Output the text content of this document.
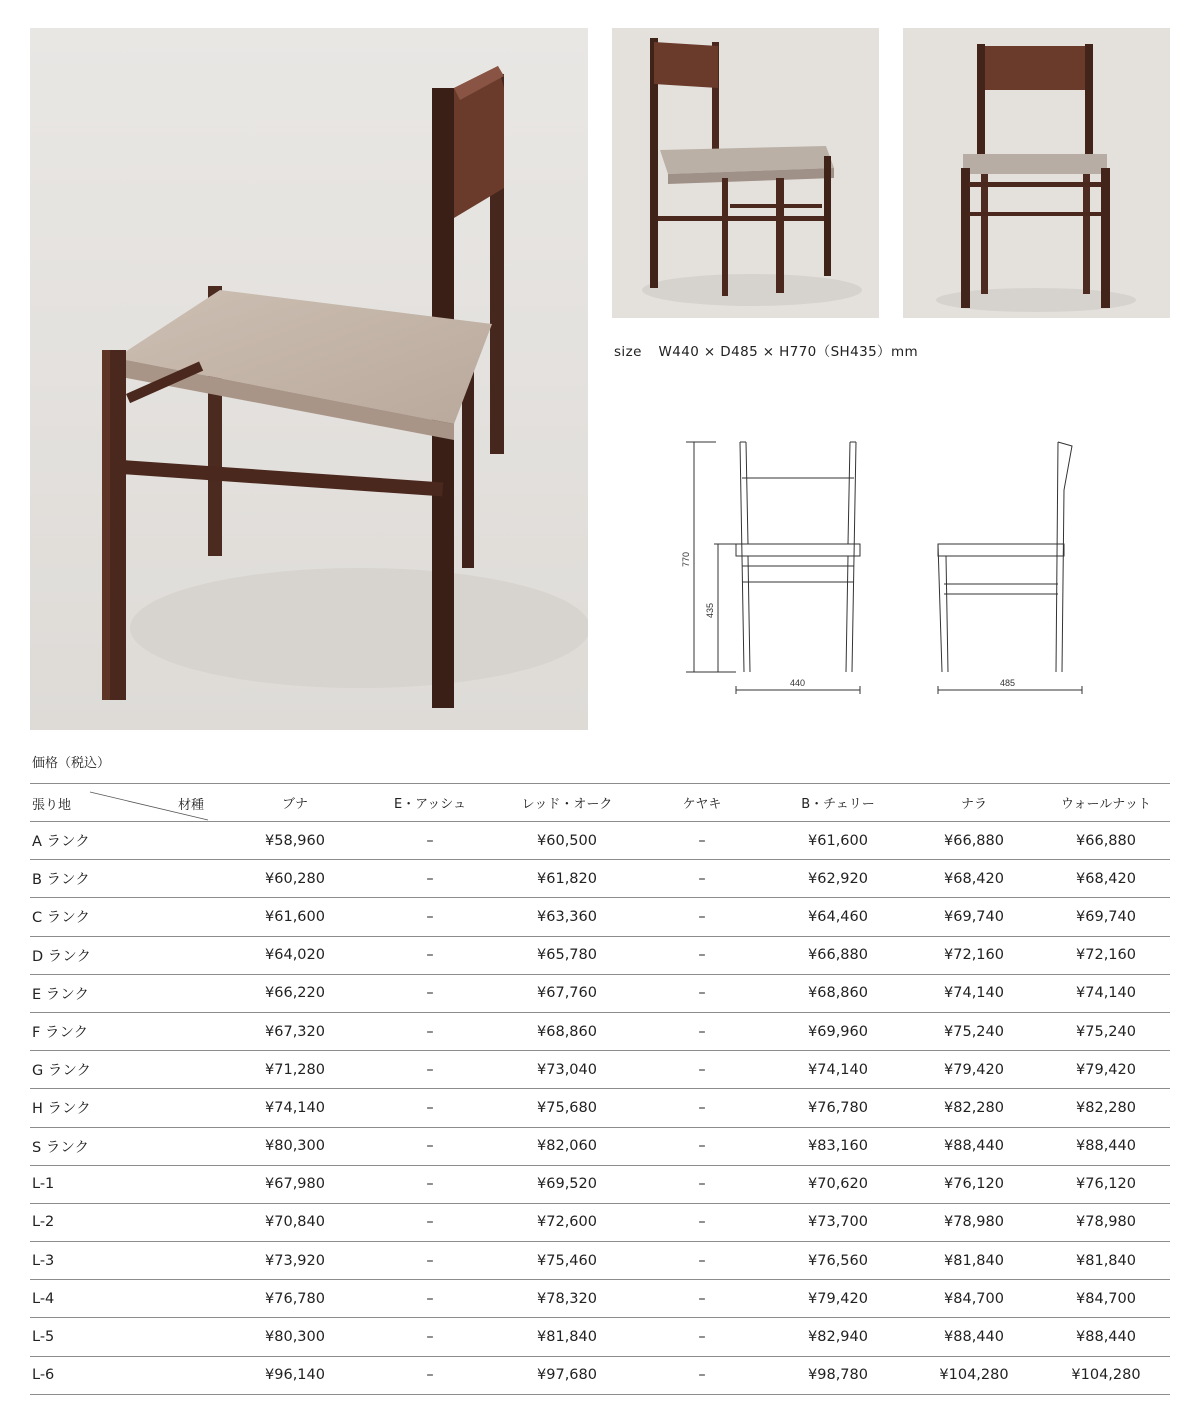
size W440 × D485 × H770（SH435）mm
770
435
440	485
価格（税込）
張り地 材種	ブナ	E・アッシュ	レッド・オーク	ケヤキ	B・チェリー	ナラ	ウォールナット
A ランク	¥58,960	–	¥60,500	–	¥61,600	¥66,880	¥66,880
B ランク	¥60,280	–	¥61,820	–	¥62,920	¥68,420	¥68,420
C ランク	¥61,600	–	¥63,360	–	¥64,460	¥69,740	¥69,740
D ランク	¥64,020	–	¥65,780	–	¥66,880	¥72,160	¥72,160
E ランク	¥66,220	–	¥67,760	–	¥68,860	¥74,140	¥74,140
F ランク	¥67,320	–	¥68,860	–	¥69,960	¥75,240	¥75,240
G ランク	¥71,280	–	¥73,040	–	¥74,140	¥79,420	¥79,420
H ランク	¥74,140	–	¥75,680	–	¥76,780	¥82,280	¥82,280
S ランク	¥80,300	–	¥82,060	–	¥83,160	¥88,440	¥88,440
L-1	¥67,980	–	¥69,520	–	¥70,620	¥76,120	¥76,120
L-2	¥70,840	–	¥72,600	–	¥73,700	¥78,980	¥78,980
L-3	¥73,920	–	¥75,460	–	¥76,560	¥81,840	¥81,840
L-4	¥76,780	–	¥78,320	–	¥79,420	¥84,700	¥84,700
L-5	¥80,300	–	¥81,840	–	¥82,940	¥88,440	¥88,440
L-6	¥96,140	–	¥97,680	–	¥98,780	¥104,280	¥104,280
